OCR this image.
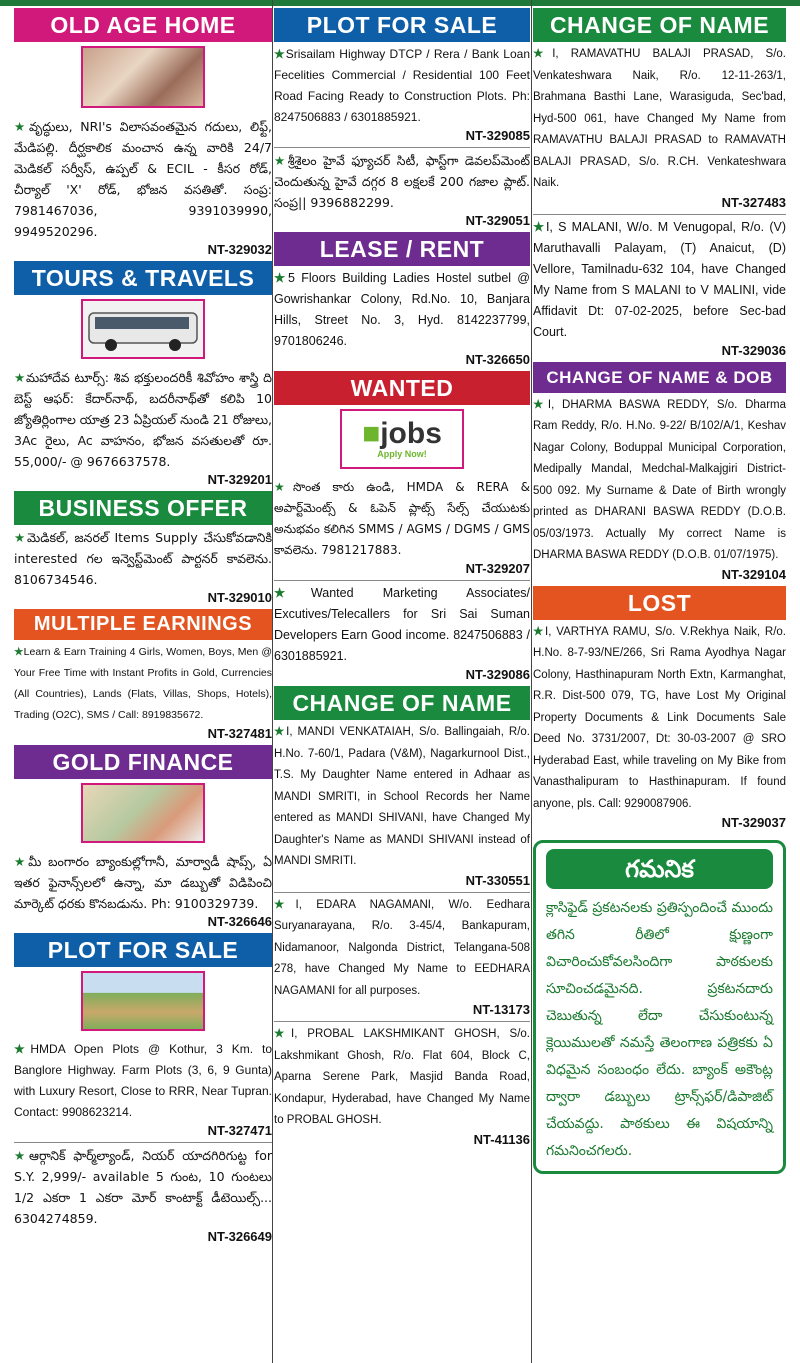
OLD AGE HOME
★వృద్ధులు, NRI's విలాసవంతమైన గదులు, లిఫ్ట్, మేడిపల్లి. దీర్ఘకాలిక మంచాన ఉన్న వారికి 24/7 మెడికల్ సర్వీస్, ఉప్పల్ & ECIL - కీసర రోడ్, చీర్యాల్ 'X' రోడ్, భోజన వసతితో. సంప్ర: 7981467036, 9391039990, 9949520296.
NT-329032
TOURS & TRAVELS
★మహాదేవ టూర్స్: శివ భక్తులందరికీ శివోహం శాస్త్రి ది బెస్ట్ ఆఫర్: కేదార్‌నాథ్, బదరీనాథ్‌తో కలిపి 10 జ్యోతిర్లింగాల యాత్ర 23 ఏప్రియల్ నుండి 21 రోజులు, 3Ac రైలు, Ac వాహనం, భోజన వసతులతో రూ. 55,000/- @ 9676637578.
NT-329201
BUSINESS OFFER
★మెడికల్, జనరల్ Items Supply చేసుకోవడానికి interested గల ఇన్వెస్ట్‌మెంట్ పార్టనర్ కావలెను. 8106734546.
NT-329010
MULTIPLE EARNINGS
★Learn & Earn Training 4 Girls, Women, Boys, Men @ Your Free Time with Instant Profits in Gold, Currencies (All Countries), Lands (Flats, Villas, Shops, Hotels), Trading (O2C), SMS / Call: 8919835672.
NT-327481
GOLD FINANCE
★మీ బంగారం బ్యాంకుల్లోగానీ, మార్వాడీ షాప్స్, ఏ ఇతర ఫైనాన్స్‌లలో ఉన్నా, మా డబ్బుతో విడిపించి మార్కెట్ ధరకు కొనబడును. Ph: 9100329739.
NT-326646
PLOT FOR SALE
★HMDA Open Plots @ Kothur, 3 Km. to Banglore Highway. Farm Plots (3, 6, 9 Gunta) with Luxury Resort, Close to RRR, Near Tupran. Contact: 9908623214.
NT-327471
★ఆర్గానిక్ ఫార్మ్‌ల్యాండ్, నియర్ యాదగిరిగుట్ట for S.Y. 2,999/- available 5 గుంట, 10 గుంటలు 1/2 ఎకరా 1 ఎకరా మోర్ కాంటాక్ట్ డీటెయిల్స్... 6304274859.
NT-326649
PLOT FOR SALE
★Srisailam Highway DTCP / Rera / Bank Loan Fecelities Commercial / Residential 100 Feet Road Facing Ready to Construction Plots. Ph: 8247506883 / 6301885921.
NT-329085
★శ్రీశైలం హైవే ఫ్యూచర్ సిటీ, ఫాస్ట్‌గా డెవలప్‌మెంట్ చెందుతున్న హైవే దగ్గర 8 లక్షలకే 200 గజాల ప్లాట్. సంప్ర|| 9396882299.
NT-329051
LEASE / RENT
★5 Floors Building Ladies Hostel sutbel @ Gowrishankar Colony, Rd.No. 10, Banjara Hills, Street No. 3, Hyd. 8142237799, 9701806246.
NT-326650
WANTED
■jobs
Apply Now!
★సొంత కారు ఉండి, HMDA & RERA & అపార్ట్‌మెంట్స్ & ఓపెన్ ప్లాట్స్ సేల్స్ చేయుటకు అనుభవం కలిగిన SMMS / AGMS / DGMS / GMS కావలెను. 7981217883.
NT-329207
★Wanted Marketing Associates/ Excutives/Telecallers for Sri Sai Suman Developers Earn Good income. 8247506883 / 6301885921.
NT-329086
CHANGE OF NAME
★I, MANDI VENKATAIAH, S/o. Ballingaiah, R/o. H.No. 7-60/1, Padara (V&M), Nagarkurnool Dist., T.S. My Daughter Name entered in Adhaar as MANDI SMRITI, in School Records her Name entered as MANDI SHIVANI, have Changed My Daughter's Name as MANDI SHIVANI instead of MANDI SMRITI.
NT-330551
★I, EDARA NAGAMANI, W/o. Eedhara Suryanarayana, R/o. 3-45/4, Bankapuram, Nidamanoor, Nalgonda District, Telangana-508 278, have Changed My Name to EEDHARA NAGAMANI for all purposes.
NT-13173
★I, PROBAL LAKSHMIKANT GHOSH, S/o. Lakshmikant Ghosh, R/o. Flat 604, Block C, Aparna Serene Park, Masjid Banda Road, Kondapur, Hyderabad, have Changed My Name to PROBAL GHOSH.
NT-41136
CHANGE OF NAME
★I, RAMAVATHU BALAJI PRASAD, S/o. Venkateshwara Naik, R/o. 12-11-263/1, Brahmana Basthi Lane, Warasiguda, Sec'bad, Hyd-500 061, have Changed My Name from RAMAVATHU BALAJI PRASAD to RAMAVATH BALAJI PRASAD, S/o. R.CH. Venkateshwara Naik.
NT-327483
★I, S MALANI, W/o. M Venugopal, R/o. (V) Maruthavalli Palayam, (T) Anaicut, (D) Vellore, Tamilnadu-632 104, have Changed My Name from S MALANI to V MALINI, vide Affidavit Dt: 07-02-2025, before Sec-bad Court.
NT-329036
CHANGE OF NAME & DOB
★I, DHARMA BASWA REDDY, S/o. Dharma Ram Reddy, R/o. H.No. 9-22/ B/102/A/1, Keshav Nagar Colony, Boduppal Municipal Corporation, Medipally Mandal, Medchal-Malkajgiri District-500 092. My Surname & Date of Birth wrongly printed as DHARANI BASWA REDDY (D.O.B. 05/03/1973. Actually My correct Name is DHARMA BASWA REDDY (D.O.B. 01/07/1975).
NT-329104
LOST
★I, VARTHYA RAMU, S/o. V.Rekhya Naik, R/o. H.No. 8-7-93/NE/266, Sri Rama Ayodhya Nagar Colony, Hasthinapuram North Extn, Karmanghat, R.R. Dist-500 079, TG, have Lost My Original Property Documents & Link Documents Sale Deed No. 3731/2007, Dt: 30-03-2007 @ SRO Hyderabad East, while traveling on My Bike from Vanasthalipuram to Hasthinapuram. If found anyone, pls. Call: 9290087906.
NT-329037
గమనిక
క్లాసిఫైడ్ ప్రకటనలకు ప్రతిస్పందించే ముందు తగిన రీతిలో క్షుణ్ణంగా విచారించుకోవలసిందిగా పాఠకులకు సూచించడమైనది. ప్రకటనదారు చెబుతున్న లేదా చేసుకుంటున్న క్లెయిములతో నమస్తే తెలంగాణ పత్రికకు ఏ విధమైన సంబంధం లేదు. బ్యాంక్ అకౌంట్ల ద్వారా డబ్బులు ట్రాన్స్‌ఫర్/డిపాజిట్ చేయవద్దు. పాఠకులు ఈ విషయాన్ని గమనించగలరు.
